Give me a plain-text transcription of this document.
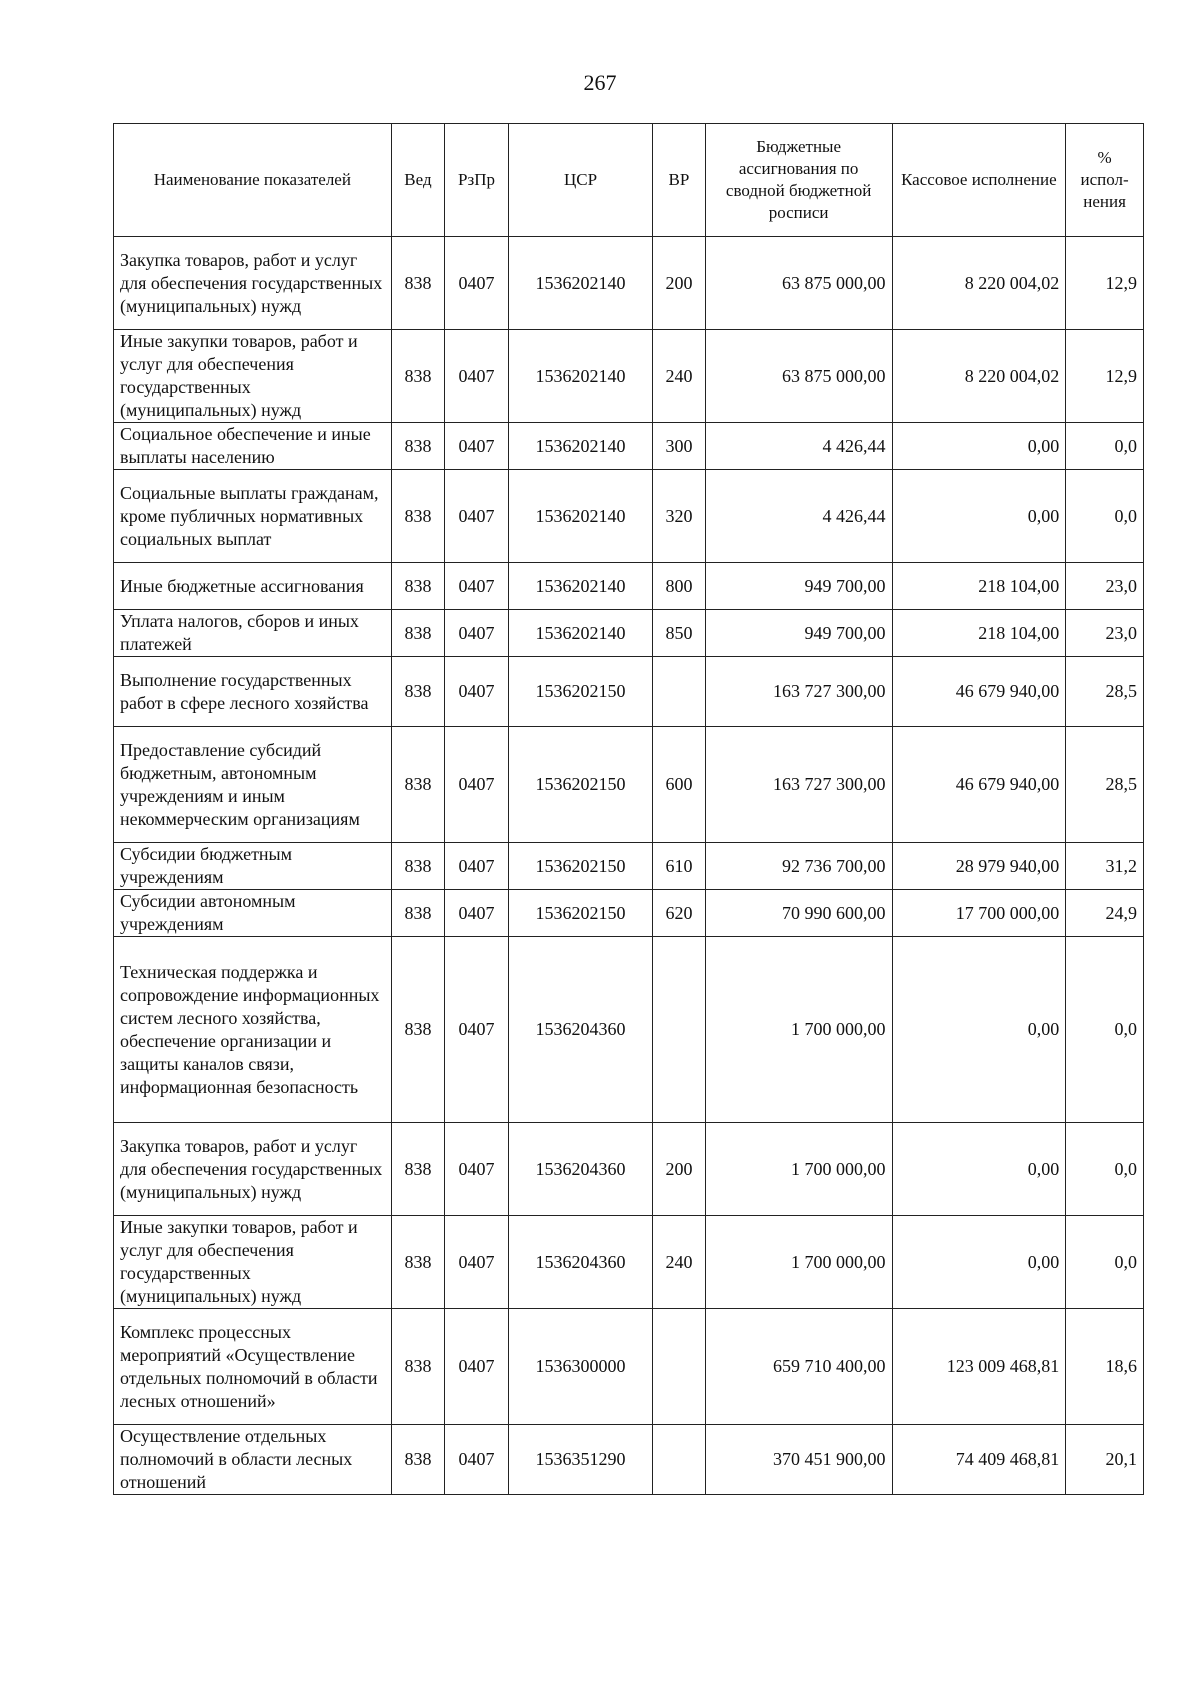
267
Наименование показателей	Вед	РзПр	ЦСР	ВР	Бюджетные ассигнования по сводной бюджетной росписи	Кассовое исполнение	% испол-нения
Закупка товаров, работ и услуг для обеспечения государственных (муниципальных) нужд	838	0407	1536202140	200	63 875 000,00	8 220 004,02	12,9
Иные закупки товаров, работ и услуг для обеспечения государственных (муниципальных) нужд	838	0407	1536202140	240	63 875 000,00	8 220 004,02	12,9
Социальное обеспечение и иные выплаты населению	838	0407	1536202140	300	4 426,44	0,00	0,0
Социальные выплаты гражданам, кроме публичных нормативных социальных выплат	838	0407	1536202140	320	4 426,44	0,00	0,0
Иные бюджетные ассигнования	838	0407	1536202140	800	949 700,00	218 104,00	23,0
Уплата налогов, сборов и иных платежей	838	0407	1536202140	850	949 700,00	218 104,00	23,0
Выполнение государственных работ в сфере лесного хозяйства	838	0407	1536202150		163 727 300,00	46 679 940,00	28,5
Предоставление субсидий бюджетным, автономным учреждениям и иным некоммерческим организациям	838	0407	1536202150	600	163 727 300,00	46 679 940,00	28,5
Субсидии бюджетным учреждениям	838	0407	1536202150	610	92 736 700,00	28 979 940,00	31,2
Субсидии автономным учреждениям	838	0407	1536202150	620	70 990 600,00	17 700 000,00	24,9
Техническая поддержка и сопровождение информационных систем лесного хозяйства, обеспечение организации и защиты каналов связи, информационная безопасность	838	0407	1536204360		1 700 000,00	0,00	0,0
Закупка товаров, работ и услуг для обеспечения государственных (муниципальных) нужд	838	0407	1536204360	200	1 700 000,00	0,00	0,0
Иные закупки товаров, работ и услуг для обеспечения государственных (муниципальных) нужд	838	0407	1536204360	240	1 700 000,00	0,00	0,0
Комплекс процессных мероприятий «Осуществление отдельных полномочий в области лесных отношений»	838	0407	1536300000		659 710 400,00	123 009 468,81	18,6
Осуществление отдельных полномочий в области лесных отношений	838	0407	1536351290		370 451 900,00	74 409 468,81	20,1
